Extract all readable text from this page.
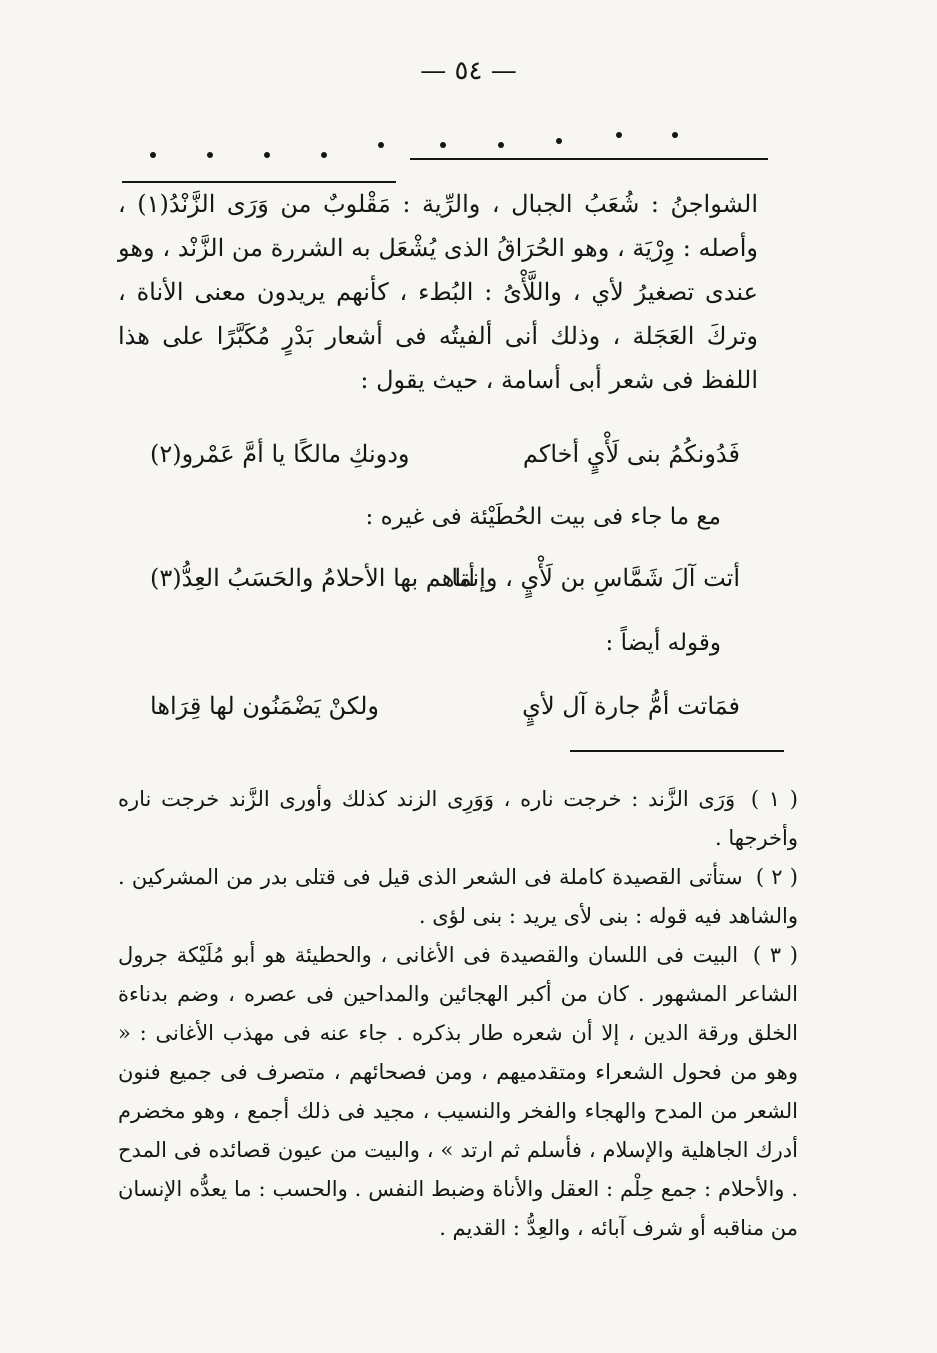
— ٥٤ —

الشواجنُ : شُعَبُ الجبال ، والرِّية : مَقْلوبٌ من وَرَى الزَّنْدُ(١) ، وأصله : وِرْيَة ، وهو الحُرَاقُ الذى يُشْعَل به الشررة من الزَّنْد ، وهو عندى تصغيرُ لأي ، واللَّأْىُ : البُطء ، كأنهم يريدون معنى الأناة ، وتركَ العَجَلة ، وذلك أنى ألفيتُه فى أشعار بَدْرٍ مُكَبَّرًا على هذا اللفظ فى شعر أبى أسامة ، حيث يقول :

فَدُونكُمُ بنى لَأْيٍ أخاكم
ودونكِ مالكًا يا أمَّ عَمْرو(٢)
مع ما جاء فى بيت الحُطَيْئة فى غيره :
أتت آلَ شَمَّاسِ بن لَأْيٍ ، وإنما
أتاهم بها الأحلامُ والحَسَبُ العِدُّ(٣)
وقوله أيضاً :
فمَاتت أمُّ جارة آل لأيٍ
ولكنْ يَضْمَنُون لها قِرَاها

( ١ ) وَرَى الزَّند : خرجت ناره ، وَوَرِى الزند كذلك وأورى الزَّند خرجت ناره وأخرجها .

( ٢ ) ستأتى القصيدة كاملة فى الشعر الذى قيل فى قتلى بدر من المشركين . والشاهد فيه قوله : بنى لأى يريد : بنى لؤى .

( ٣ ) البيت فى اللسان والقصيدة فى الأغانى ، والحطيئة هو أبو مُلَيْكة جرول الشاعر المشهور . كان من أكبر الهجائين والمداحين فى عصره ، وضم بدناءة الخلق ورقة الدين ، إلا أن شعره طار بذكره . جاء عنه فى مهذب الأغانى : « وهو من فحول الشعراء ومتقدميهم ، ومن فصحائهم ، متصرف فى جميع فنون الشعر من المدح والهجاء والفخر والنسيب ، مجيد فى ذلك أجمع ، وهو مخضرم أدرك الجاهلية والإسلام ، فأسلم ثم ارتد » ، والبيت من عيون قصائده فى المدح . والأحلام : جمع حِلْم : العقل والأناة وضبط النفس . والحسب : ما يعدُّه الإنسان من مناقبه أو شرف آبائه ، والعِدُّ : القديم .
